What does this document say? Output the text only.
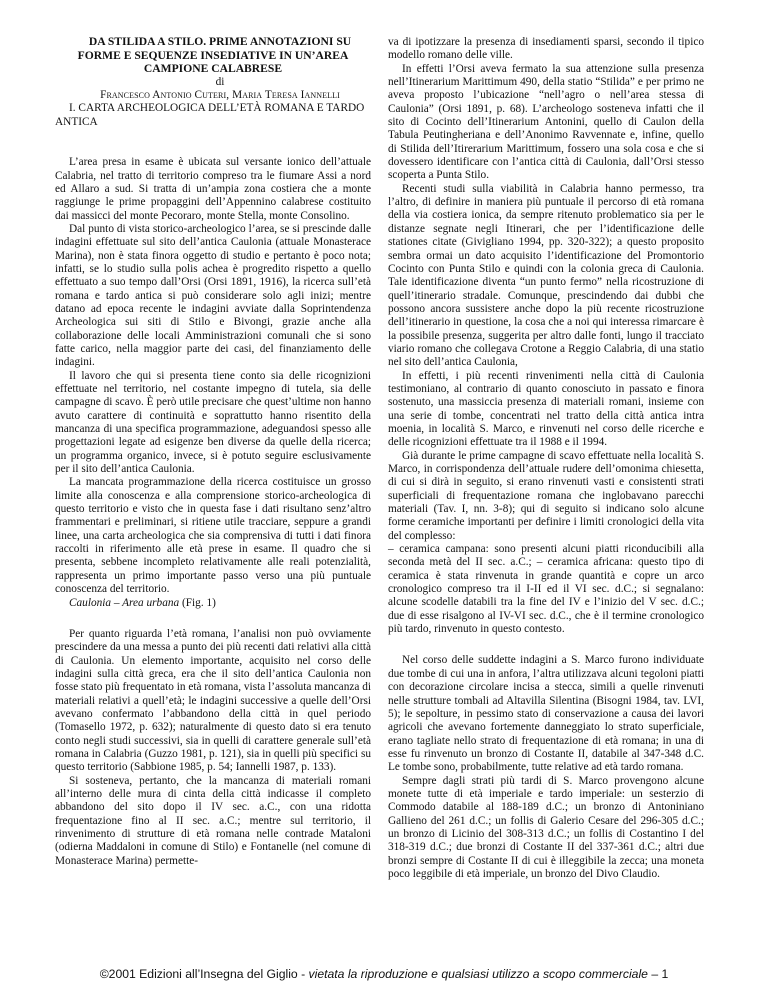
DA STILIDA A STILO. PRIME ANNOTAZIONI SU FORME E SEQUENZE INSEDIATIVE IN UN’AREA CAMPIONE CALABRESE

di

Francesco Antonio Cuteri, Maria Teresa Iannelli

I. CARTA ARCHEOLOGICA DELL’ETÀ ROMANA E TARDO ANTICA

L’area presa in esame è ubicata sul versante ionico dell’attuale Calabria, nel tratto di territorio compreso tra le fiumare Assi a nord ed Allaro a sud. Si tratta di un’ampia zona costiera che a monte raggiunge le prime propaggini dell’Appennino calabrese costituito dai massicci del monte Pecoraro, monte Stella, monte Consolino.

Dal punto di vista storico-archeologico l’area, se si prescinde dalle indagini effettuate sul sito dell’antica Caulonia (attuale Monasterace Marina), non è stata finora oggetto di studio e pertanto è poco nota; infatti, se lo studio sulla polis achea è progredito rispetto a quello effettuato a suo tempo dall’Orsi (Orsi 1891, 1916), la ricerca sull’età romana e tardo antica si può considerare solo agli inizi; mentre datano ad epoca recente le indagini avviate dalla Soprintendenza Archeologica sui siti di Stilo e Bivongi, grazie anche alla collaborazione delle locali Amministrazioni comunali che si sono fatte carico, nella maggior parte dei casi, del finanziamento delle indagini.

Il lavoro che qui si presenta tiene conto sia delle ricognizioni effettuate nel territorio, nel costante impegno di tutela, sia delle campagne di scavo. È però utile precisare che quest’ultime non hanno avuto carattere di continuità e soprattutto hanno risentito della mancanza di una specifica programmazione, adeguandosi spesso alle progettazioni legate ad esigenze ben diverse da quelle della ricerca; un programma organico, invece, si è potuto seguire esclusivamente per il sito dell’antica Caulonia.

La mancata programmazione della ricerca costituisce un grosso limite alla conoscenza e alla comprensione storico-archeologica di questo territorio e visto che in questa fase i dati risultano senz’altro frammentari e preliminari, si ritiene utile tracciare, seppure a grandi linee, una carta archeologica che sia comprensiva di tutti i dati finora raccolti in riferimento alle età prese in esame. Il quadro che si presenta, sebbene incompleto relativamente alle reali potenzialità, rappresenta un primo importante passo verso una più puntuale conoscenza del territorio.

Caulonia – Area urbana (Fig. 1)

Per quanto riguarda l’età romana, l’analisi non può ovviamente prescindere da una messa a punto dei più recenti dati relativi alla città di Caulonia. Un elemento importante, acquisito nel corso delle indagini sulla città greca, era che il sito dell’antica Caulonia non fosse stato più frequentato in età romana, vista l’assoluta mancanza di materiali relativi a quell’età; le indagini successive a quelle dell’Orsi avevano confermato l’abbandono della città in quel periodo (Tomasello 1972, p. 632); naturalmente di questo dato si era tenuto conto negli studi successivi, sia in quelli di carattere generale sull’età romana in Calabria (Guzzo 1981, p. 121), sia in quelli più specifici su questo territorio (Sabbione 1985, p. 54; Iannelli 1987, p. 133).

Si sosteneva, pertanto, che la mancanza di materiali romani all’interno delle mura di cinta della città indicasse il completo abbandono del sito dopo il IV sec. a.C., con una ridotta frequentazione fino al II sec. a.C.; mentre sul territorio, il rinvenimento di strutture di età romana nelle contrade Mataloni (odierna Maddaloni in comune di Stilo) e Fontanelle (nel comune di Monasterace Marina) permette-

va di ipotizzare la presenza di insediamenti sparsi, secondo il tipico modello romano delle ville.

In effetti l’Orsi aveva fermato la sua attenzione sulla presenza nell’Itinerarium Marittimum 490, della statio “Stilida” e per primo ne aveva proposto l’ubicazione “nell’agro o nell’area stessa di Caulonia” (Orsi 1891, p. 68). L’archeologo sosteneva infatti che il sito di Cocinto dell’Itinerarium Antonini, quello di Caulon della Tabula Peutingheriana e dell’Anonimo Ravvennate e, infine, quello di Stilida dell’Itirerarium Marittimum, fossero una sola cosa e che si dovessero identificare con l’antica città di Caulonia, dall’Orsi stesso scoperta a Punta Stilo.

Recenti studi sulla viabilità in Calabria hanno permesso, tra l’altro, di definire in maniera più puntuale il percorso di età romana della via costiera ionica, da sempre ritenuto problematico sia per le distanze segnate negli Itinerari, che per l’identificazione delle stationes citate (Givigliano 1994, pp. 320-322); a questo proposito sembra ormai un dato acquisito l’identificazione del Promontorio Cocinto con Punta Stilo e quindi con la colonia greca di Caulonia. Tale identificazione diventa “un punto fermo” nella ricostruzione di quell’itinerario stradale. Comunque, prescindendo dai dubbi che possono ancora sussistere anche dopo la più recente ricostruzione dell’itinerario in questione, la cosa che a noi qui interessa rimarcare è la possibile presenza, suggerita per altro dalle fonti, lungo il tracciato viario romano che collegava Crotone a Reggio Calabria, di una statio nel sito dell’antica Caulonia,

In effetti, i più recenti rinvenimenti nella città di Caulonia testimoniano, al contrario di quanto conosciuto in passato e finora sostenuto, una massiccia presenza di materiali romani, insieme con una serie di tombe, concentrati nel tratto della città antica intra moenia, in località S. Marco, e rinvenuti nel corso delle ricerche e delle ricognizioni effettuate tra il 1988 e il 1994.

Già durante le prime campagne di scavo effettuate nella località S. Marco, in corrispondenza dell’attuale rudere dell’omonima chiesetta, di cui si dirà in seguito, si erano rinvenuti vasti e consistenti strati superficiali di frequentazione romana che inglobavano parecchi materiali (Tav. I, nn. 3-8); qui di seguito si indicano solo alcune forme ceramiche importanti per definire i limiti cronologici della vita del complesso:

– ceramica campana: sono presenti alcuni piatti riconducibili alla seconda metà del II sec. a.C.; – ceramica africana: questo tipo di ceramica è stata rinvenuta in grande quantità e copre un arco cronologico compreso tra il I-II ed il VI sec. d.C.; si segnalano: alcune scodelle databili tra la fine del IV e l’inizio del V sec. d.C.; due di esse risalgono al IV-VI sec. d.C., che è il termine cronologico più tardo, rinvenuto in questo contesto.

Nel corso delle suddette indagini a S. Marco furono individuate due tombe di cui una in anfora, l’altra utilizzava alcuni tegoloni piatti con decorazione circolare incisa a stecca, simili a quelle rinvenuti nelle strutture tombali ad Altavilla Silentina (Bisogni 1984, tav. LVI, 5); le sepolture, in pessimo stato di conservazione a causa dei lavori agricoli che avevano fortemente danneggiato lo strato superficiale, erano tagliate nello strato di frequentazione di età romana; in una di esse fu rinvenuto un bronzo di Costante II, databile al 347-348 d.C. Le tombe sono, probabilmente, tutte relative ad età tardo romana.

Sempre dagli strati più tardi di S. Marco provengono alcune monete tutte di età imperiale e tardo imperiale: un sesterzio di Commodo databile al 188-189 d.C.; un bronzo di Antoniniano Gallieno del 261 d.C.; un follis di Galerio Cesare del 296-305 d.C.; un bronzo di Licinio del 308-313 d.C.; un follis di Costantino I del 318-319 d.C.; due bronzi di Costante II del 337-361 d.C.; altri due bronzi sempre di Costante II di cui è illeggibile la zecca; una moneta poco leggibile di età imperiale, un bronzo del Divo Claudio.

©2001 Edizioni all’Insegna del Giglio - vietata la riproduzione e qualsiasi utilizzo a scopo commerciale – 1
